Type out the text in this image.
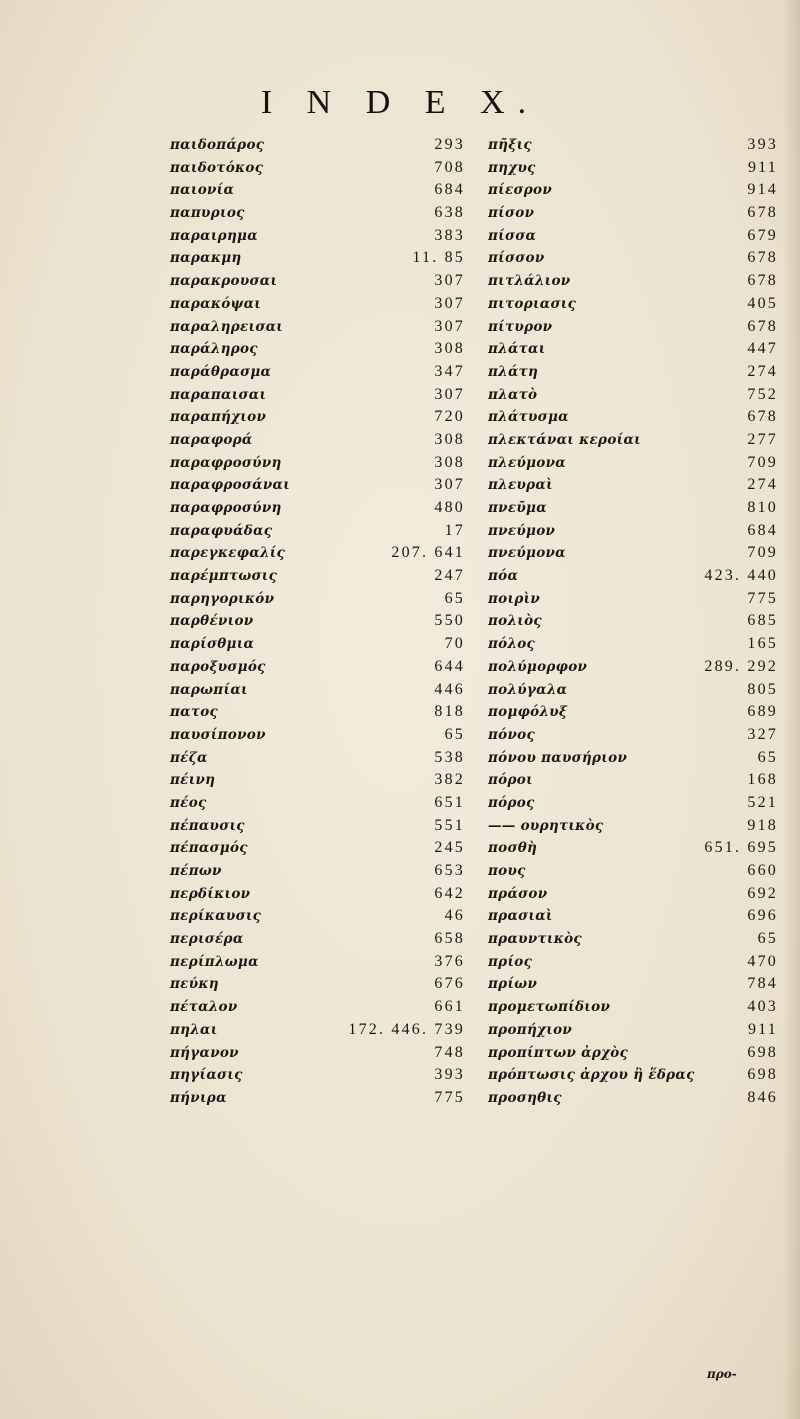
I N D E X.
παιδοπάρος	293
παιδοτόκος	708
παιονία	684
παπυριος	638
παραιρημα	383
παρακμη	11. 85
παρακρουσαι	307
παρακόψαι	307
παραληρεισαι	307
παράληρος	308
παράθρασμα	347
παραπαισαι	307
παραπήχιον	720
παραφορά	308
παραφροσύνη	308
παραφροσάναι	307
παραφροσύνη	480
παραφυάδας	17
παρεγκεφαλίς	207. 641
παρέμπτωσις	247
παρηγορικόν	65
παρθένιον	550
παρίσθμια	70
παροξυσμός	644
παρωπίαι	446
πατος	818
παυσίπονον	65
πέζα	538
πέινη	382
πέος	651
πέπαυσις	551
πέπασμός	245
πέπων	653
περδίκιον	642
περίκαυσις	46
περισέρα	658
περίπλωμα	376
πεύκη	676
πέταλον	661
πηλαι	172. 446. 739
πήγανον	748
πηγίασις	393
πήνιρα	775
πῆξις	393
πηχυς	911
πίεσρον	914
πίσον	678
πίσσα	679
πίσσον	678
πιτλάλιον	678
πιτοριασις	405
πίτυρον	678
πλάται	447
πλάτη	274
πλατὸ	752
πλάτυσμα	678
πλεκτάναι κεροίαι	277
πλεύμονα	709
πλευραὶ	274
πνεῦμα	810
πνεύμον	684
πνεύμονα	709
πόα	423. 440
ποιρὶν	775
πολιὸς	685
πόλος	165
πολύμορφον	289. 292
πολύγαλα	805
πομφόλυξ	689
πόνος	327
πόνου παυσήριον	65
πόροι	168
πόρος	521
—— ουρητικὸς	918
ποσθὴ	651. 695
πους	660
πράσον	692
πρασιαὶ	696
πραυντικὸς	65
πρίος	470
πρίων	784
προμετωπίδιον	403
προπήχιον	911
προπίπτων ἀρχὸς	698
πρόπτωσις ἀρχου ἢ ἕδρας	698
προσηθις	846
προ-
